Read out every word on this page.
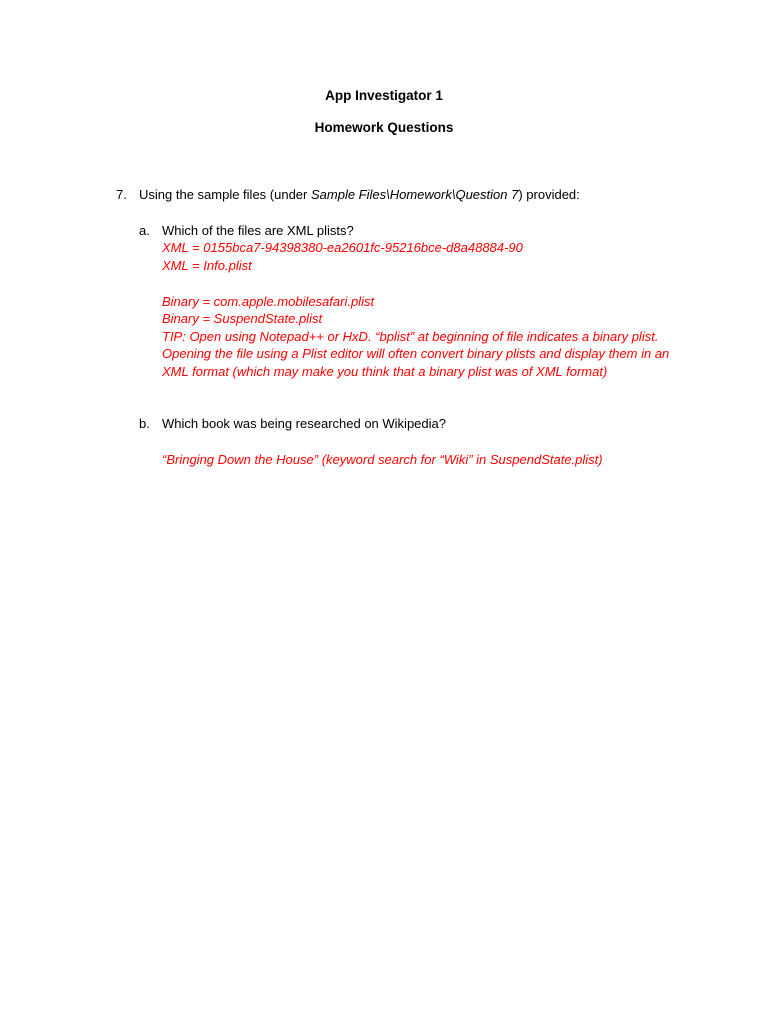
App Investigator 1
Homework Questions
7. Using the sample files (under Sample Files\Homework\Question 7) provided:
a. Which of the files are XML plists?
XML = 0155bca7-94398380-ea2601fc-95216bce-d8a48884-90
XML = Info.plist
Binary = com.apple.mobilesafari.plist
Binary = SuspendState.plist
TIP: Open using Notepad++ or HxD. “bplist” at beginning of file indicates a binary plist.
Opening the file using a Plist editor will often convert binary plists and display them in an
XML format (which may make you think that a binary plist was of XML format)
b. Which book was being researched on Wikipedia?
“Bringing Down the House” (keyword search for “Wiki” in SuspendState.plist)
